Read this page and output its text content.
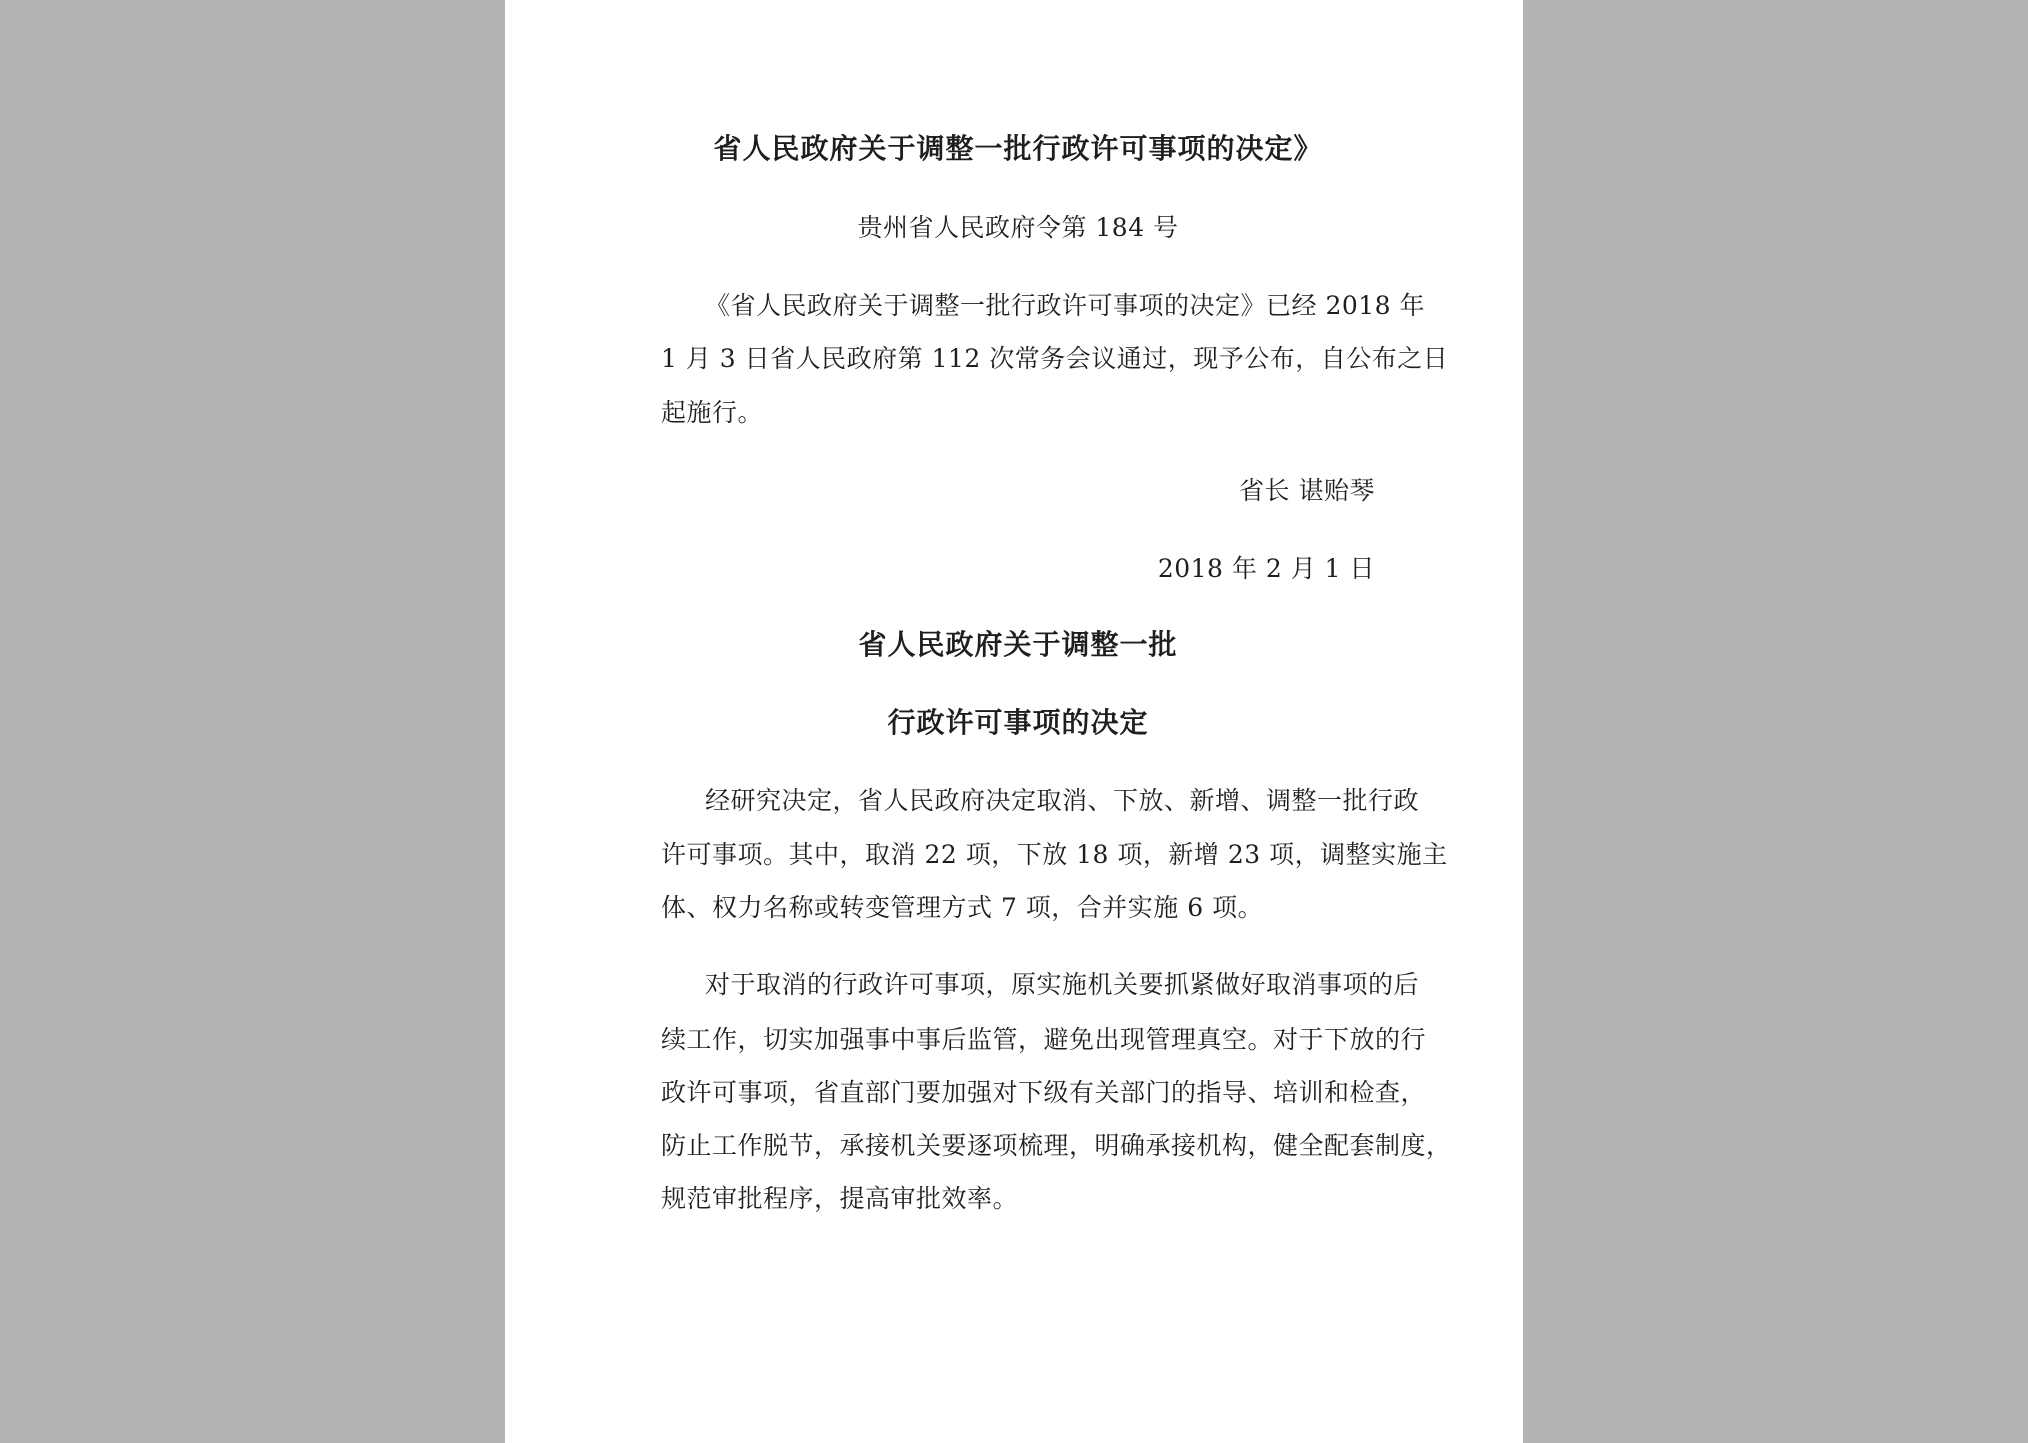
省人民政府关于调整一批行政许可事项的决定》
贵州省人民政府令第 184 号
《省人民政府关于调整一批行政许可事项的决定》已经 2018 年
1 月 3 日省人民政府第 112 次常务会议通过，现予公布，自公布之日
起施行。
省长 谌贻琴
2018 年 2 月 1 日
省人民政府关于调整一批
行政许可事项的决定
经研究决定，省人民政府决定取消、下放、新增、调整一批行政
许可事项。其中，取消 22 项，下放 18 项，新增 23 项，调整实施主
体、权力名称或转变管理方式 7 项，合并实施 6 项。
对于取消的行政许可事项，原实施机关要抓紧做好取消事项的后
续工作，切实加强事中事后监管，避免出现管理真空。对于下放的行
政许可事项，省直部门要加强对下级有关部门的指导、培训和检查，
防止工作脱节，承接机关要逐项梳理，明确承接机构，健全配套制度，
规范审批程序，提高审批效率。
